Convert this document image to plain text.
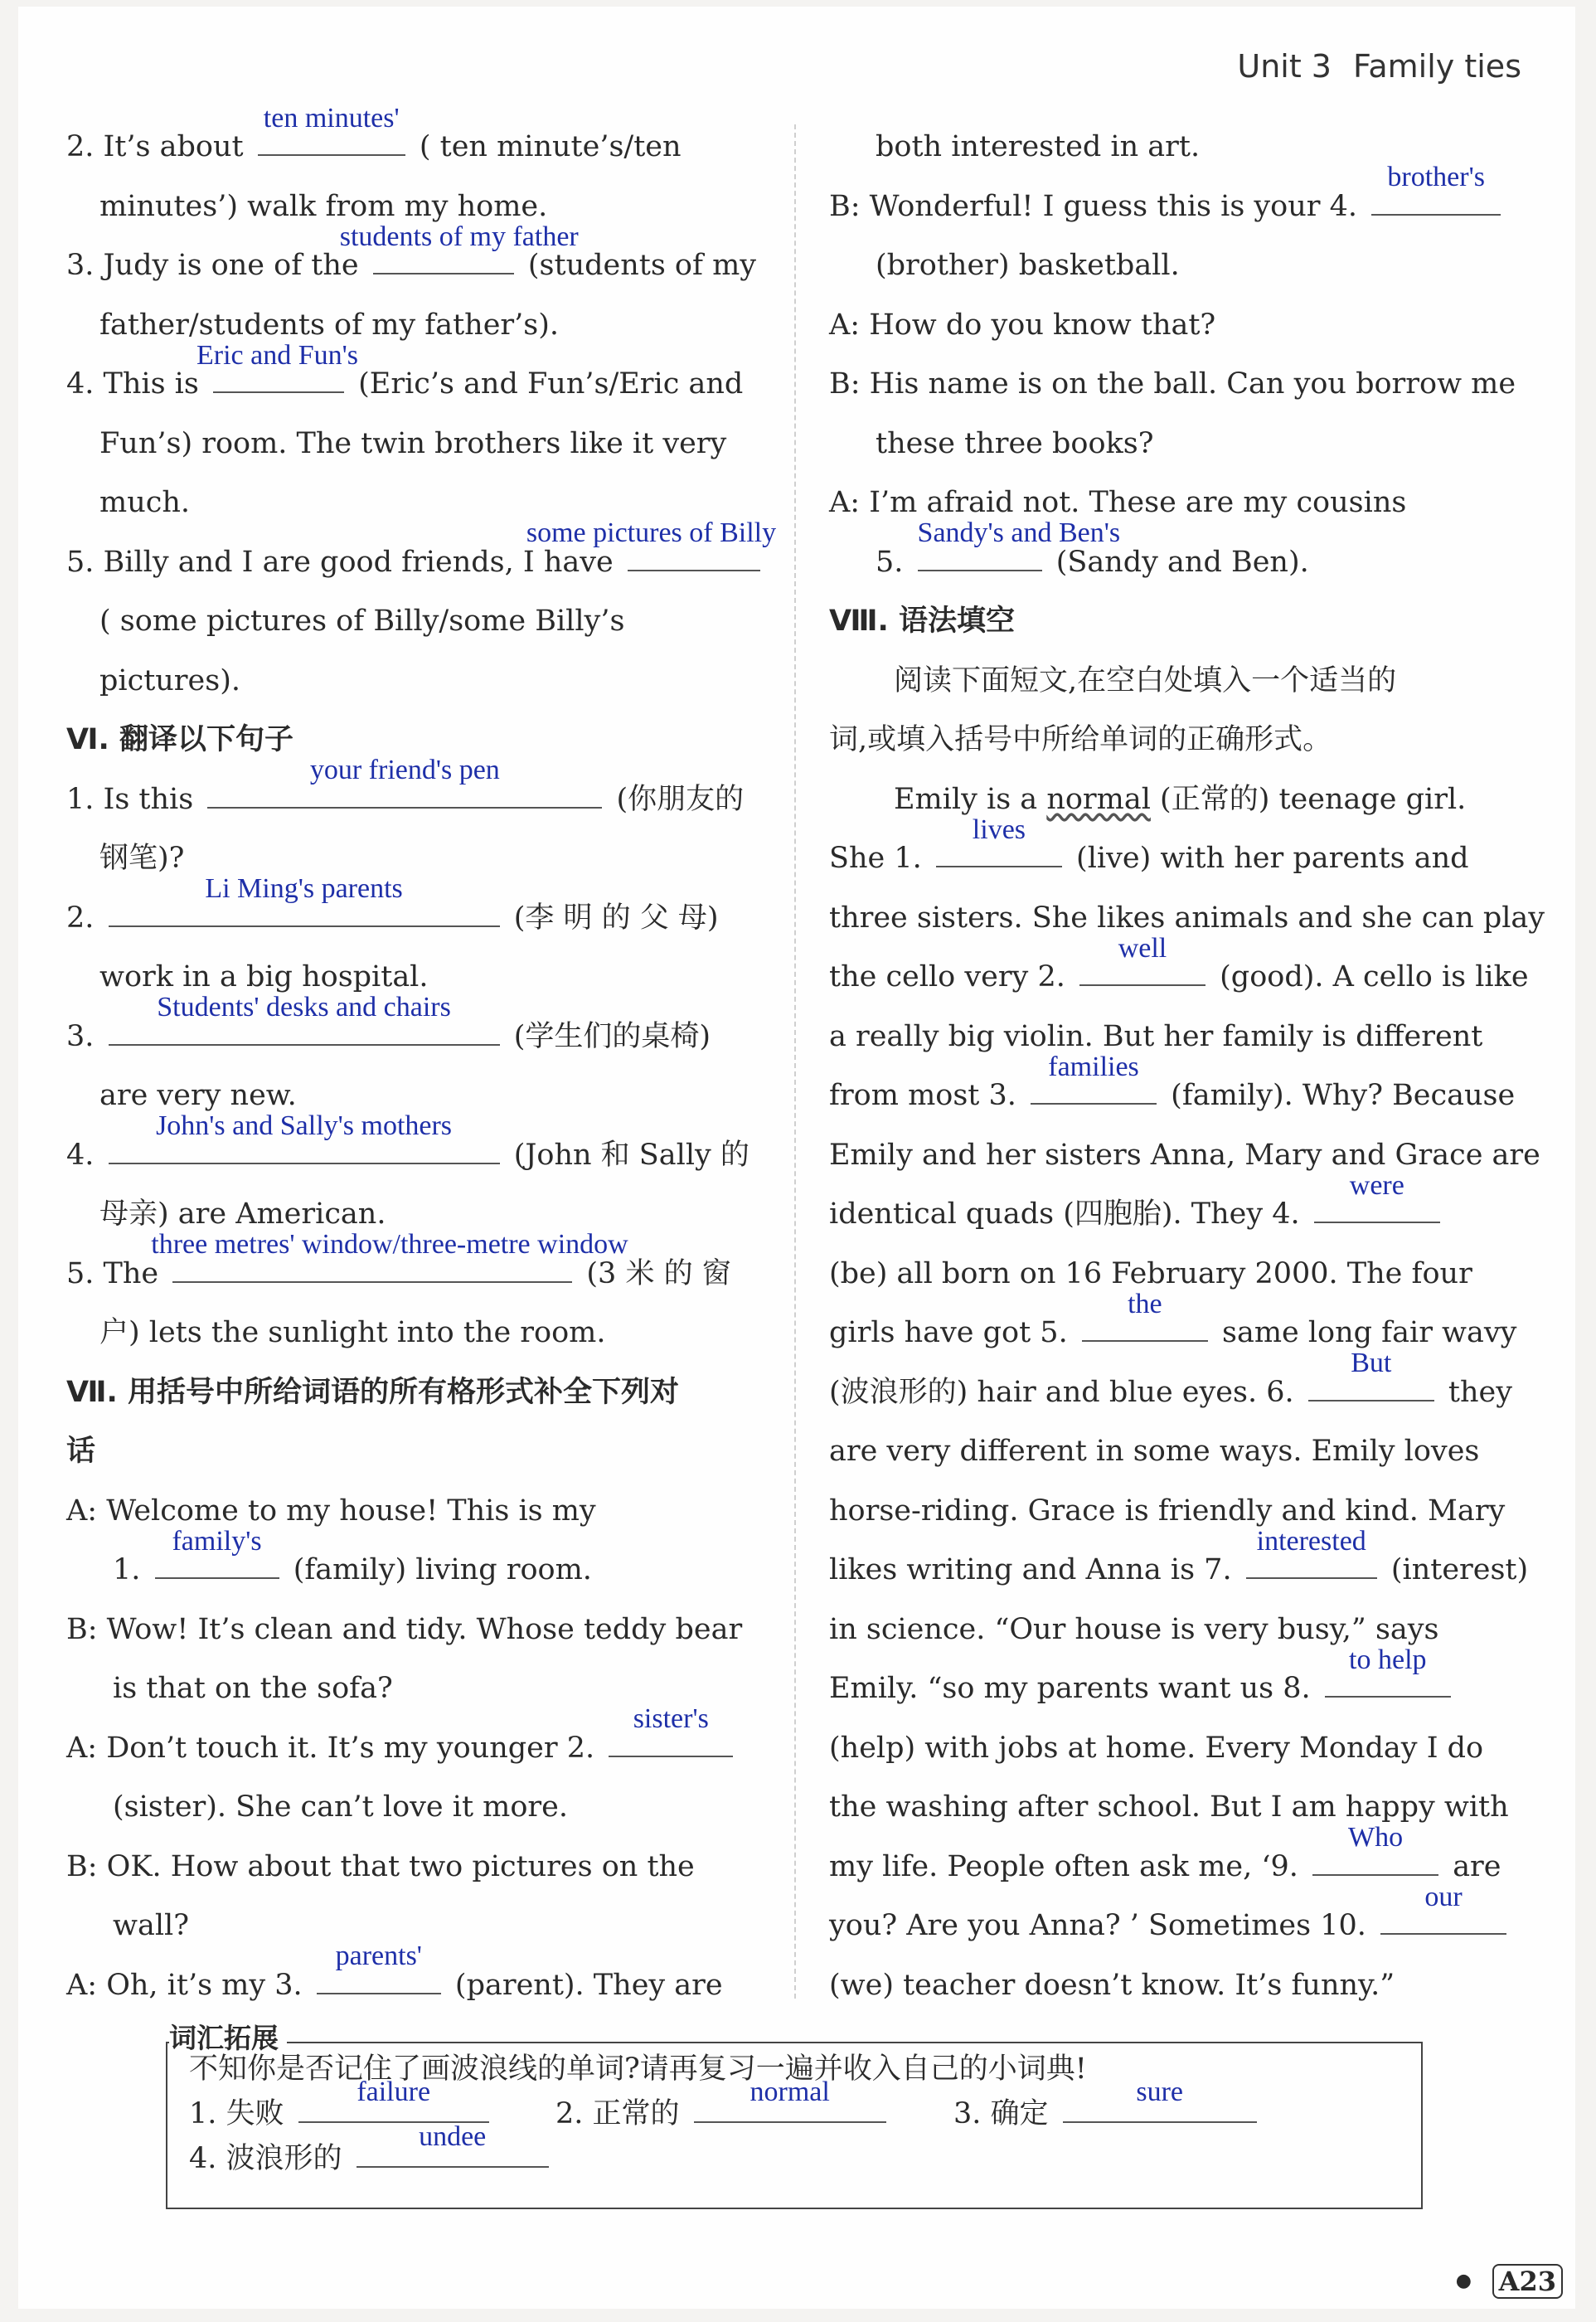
Unit 3 Family ties
2. It’s about
ten minutes'
( ten minute’s/ten
minutes’) walk from my home.
3. Judy is one of the
students of my father
(students of my
father/students of my father’s).
4. This is
Eric and Fun's
(Eric’s and Fun’s/Eric and
Fun’s) room. The twin brothers like it very
much.
5. Billy and I are good friends, I have
some pictures of Billy
( some pictures of Billy/some Billy’s
pictures).
Ⅵ. 翻译以下句子
1. Is this
your friend's pen
(你朋友的
钢笔)?
2.
Li Ming's parents
(李 明 的 父 母)
work in a big hospital.
3.
Students' desks and chairs
(学生们的桌椅)
are very new.
4.
John's and Sally's mothers
(John 和 Sally 的
母亲) are American.
5. The
three metres' window/three-metre window
(3 米 的 窗
户) lets the sunlight into the room.
Ⅶ. 用括号中所给词语的所有格形式补全下列对
话
A: Welcome to my house! This is my
1.
family's
(family) living room.
B: Wow! It’s clean and tidy. Whose teddy bear
is that on the sofa?
A: Don’t touch it. It’s my younger 2.
sister's
(sister). She can’t love it more.
B: OK. How about that two pictures on the
wall?
A: Oh, it’s my 3.
parents'
(parent). They are
both interested in art.
B: Wonderful! I guess this is your 4.
brother's
(brother) basketball.
A: How do you know that?
B: His name is on the ball. Can you borrow me
these three books?
A: I’m afraid not. These are my cousins
5.
Sandy's and Ben's
(Sandy and Ben).
Ⅷ. 语法填空
阅读下面短文,在空白处填入一个适当的
词,或填入括号中所给单词的正确形式。
Emily is a normal (正常的) teenage girl.
She 1.
lives
(live) with her parents and
three sisters. She likes animals and she can play
the cello very 2.
well
(good). A cello is like
a really big violin. But her family is different
from most 3.
families
(family). Why? Because
Emily and her sisters Anna, Mary and Grace are
identical quads (四胞胎). They 4.
were
(be) all born on 16 February 2000. The four
girls have got 5.
the
same long fair wavy
(波浪形的) hair and blue eyes. 6.
But
they
are very different in some ways. Emily loves
horse-riding. Grace is friendly and kind. Mary
likes writing and Anna is 7.
interested
(interest)
in science. “Our house is very busy,” says
Emily. “so my parents want us 8.
to help
(help) with jobs at home. Every Monday I do
the washing after school. But I am happy with
my life. People often ask me, ‘9.
Who
are
you? Are you Anna? ’ Sometimes 10.
our
(we) teacher doesn’t know. It’s funny.”
词汇拓展
不知你是否记住了画波浪线的单词?请再复习一遍并收入自己的小词典!
1. 失败
failure
2. 正常的
normal
3. 确定
sure
4. 波浪形的
undee
● A23
